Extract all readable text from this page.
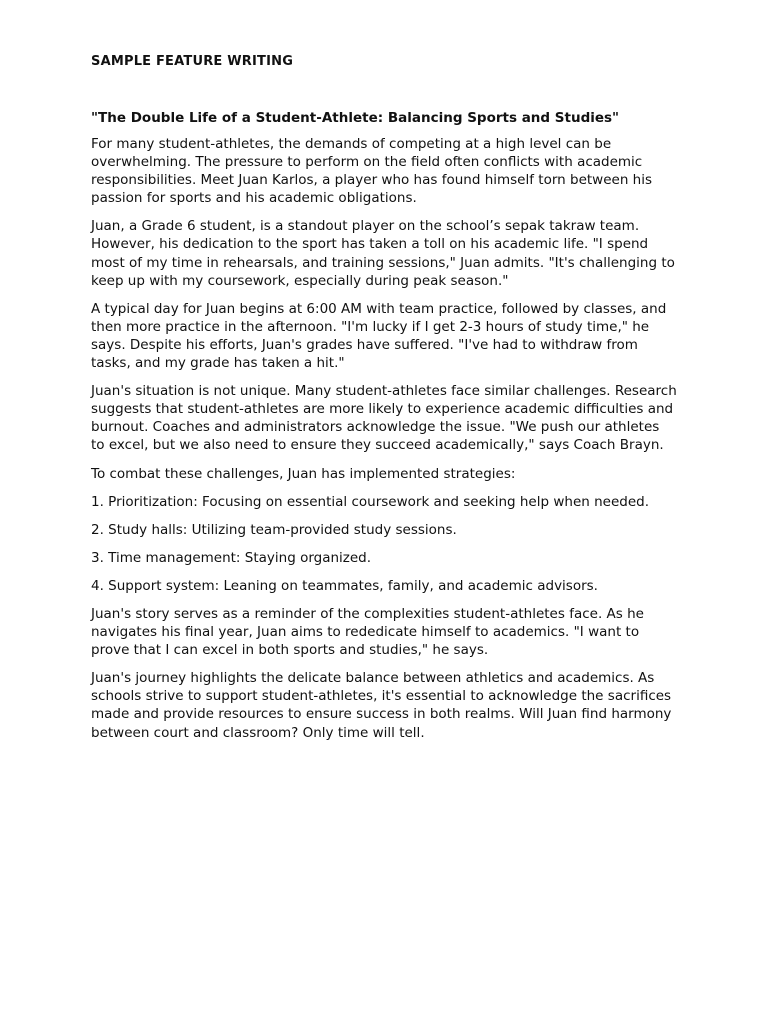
SAMPLE FEATURE WRITING
"The Double Life of a Student-Athlete: Balancing Sports and Studies"

For many student-athletes, the demands of competing at a high level can be overwhelming. The pressure to perform on the field often conflicts with academic responsibilities. Meet Juan Karlos, a player who has found himself torn between his passion for sports and his academic obligations.

Juan, a Grade 6 student, is a standout player on the school’s sepak takraw team. However, his dedication to the sport has taken a toll on his academic life. "I spend most of my time in rehearsals, and training sessions," Juan admits. "It's challenging to keep up with my coursework, especially during peak season."

A typical day for Juan begins at 6:00 AM with team practice, followed by classes, and then more practice in the afternoon. "I'm lucky if I get 2-3 hours of study time," he says. Despite his efforts, Juan's grades have suffered. "I've had to withdraw from tasks, and my grade has taken a hit."

Juan's situation is not unique. Many student-athletes face similar challenges. Research suggests that student-athletes are more likely to experience academic difficulties and burnout. Coaches and administrators acknowledge the issue. "We push our athletes to excel, but we also need to ensure they succeed academically," says Coach Brayn.

To combat these challenges, Juan has implemented strategies:

1. Prioritization: Focusing on essential coursework and seeking help when needed.

2. Study halls: Utilizing team-provided study sessions.

3. Time management: Staying organized.

4. Support system: Leaning on teammates, family, and academic advisors.

Juan's story serves as a reminder of the complexities student-athletes face. As he navigates his final year, Juan aims to rededicate himself to academics. "I want to prove that I can excel in both sports and studies," he says.

Juan's journey highlights the delicate balance between athletics and academics. As schools strive to support student-athletes, it's essential to acknowledge the sacrifices made and provide resources to ensure success in both realms. Will Juan find harmony between court and classroom? Only time will tell.
